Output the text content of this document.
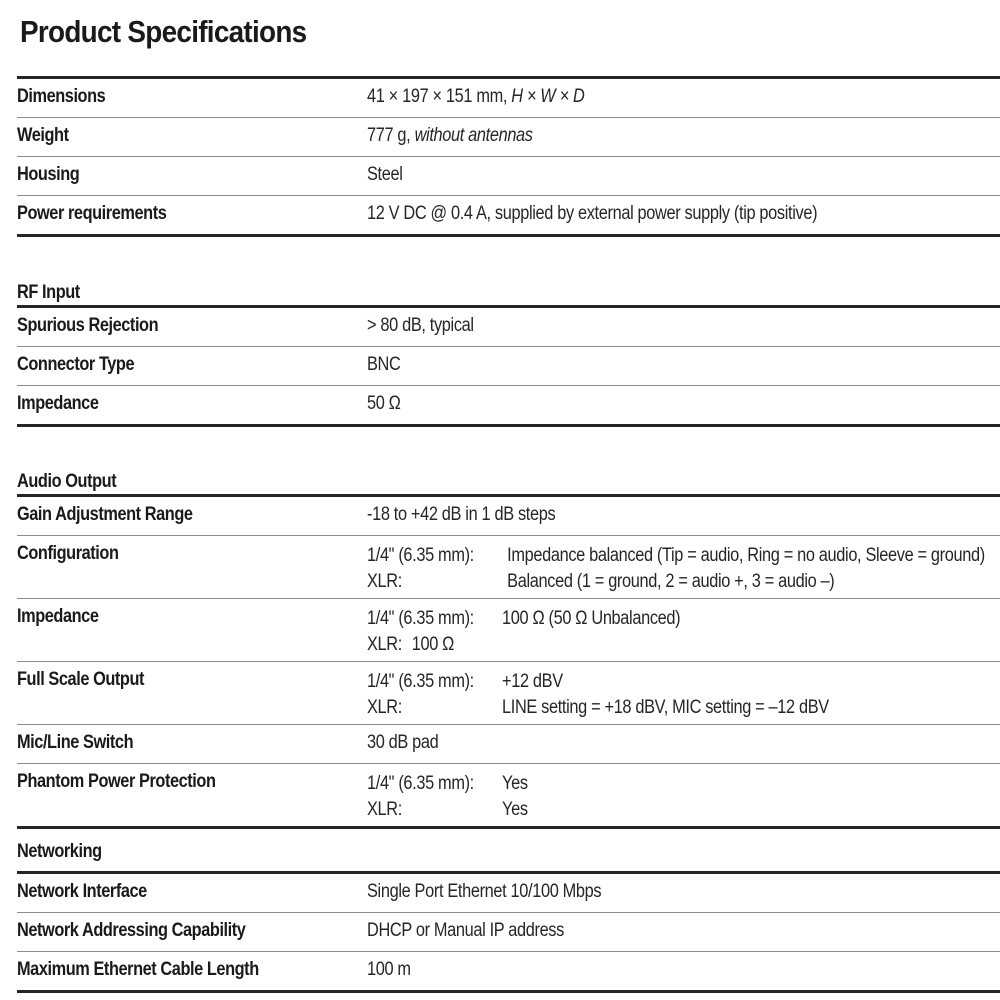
Product Specifications
Dimensions	41 × 197 × 151 mm, H × W × D
Weight	777 g, without antennas
Housing	Steel
Power requirements	12 V DC @ 0.4 A, supplied by external power supply (tip positive)
RF Input
Spurious Rejection	> 80 dB, typical
Connector Type	BNC
Impedance	50 Ω
Audio Output
Gain Adjustment Range	-18 to +42 dB in 1 dB steps
Configuration	1/4" (6.35 mm):	Impedance balanced (Tip = audio, Ring = no audio, Sleeve = ground)
XLR:	Balanced (1 = ground, 2 = audio +, 3 = audio –)
Impedance	1/4" (6.35 mm):	100 Ω (50 Ω Unbalanced)
XLR: 100 Ω
Full Scale Output	1/4" (6.35 mm):	+12 dBV
XLR:	LINE setting = +18 dBV, MIC setting = –12 dBV
Mic/Line Switch	30 dB pad
Phantom Power Protection	1/4" (6.35 mm):	Yes
XLR:	Yes
Networking
Network Interface	Single Port Ethernet 10/100 Mbps
Network Addressing Capability	DHCP or Manual IP address
Maximum Ethernet Cable Length	100 m
